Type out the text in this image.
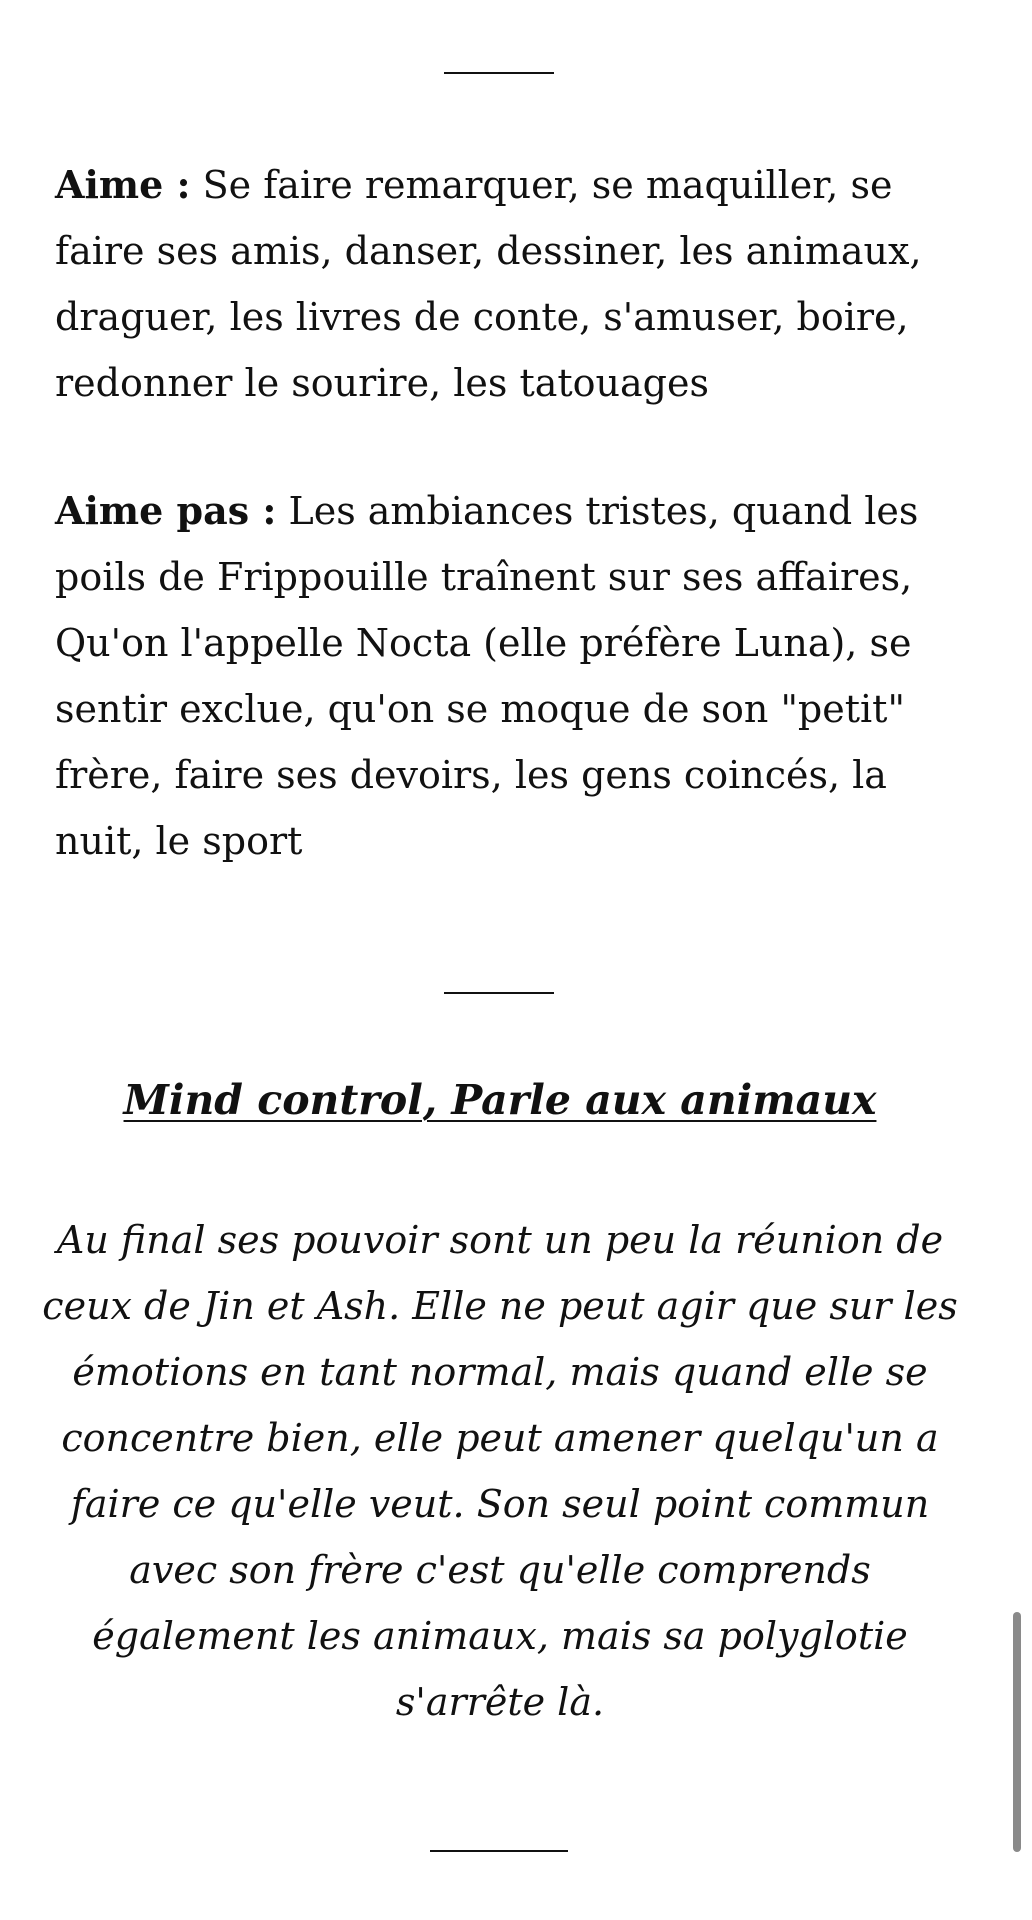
Aime : Se faire remarquer, se maquiller, se faire ses amis, danser, dessiner, les animaux, draguer, les livres de conte, s'amuser, boire, redonner le sourire, les tatouages

Aime pas : Les ambiances tristes, quand les poils de Frippouille traînent sur ses affaires, Qu'on l'appelle Nocta (elle préfère Luna), se sentir exclue, qu'on se moque de son "petit" frère, faire ses devoirs, les gens coincés, la nuit, le sport

Mind control, Parle aux animaux

Au final ses pouvoir sont un peu la réunion de ceux de Jin et Ash. Elle ne peut agir que sur les émotions en tant normal, mais quand elle se concentre bien, elle peut amener quelqu'un a faire ce qu'elle veut. Son seul point commun avec son frère c'est qu'elle comprends également les animaux, mais sa polyglotie s'arrête là.
